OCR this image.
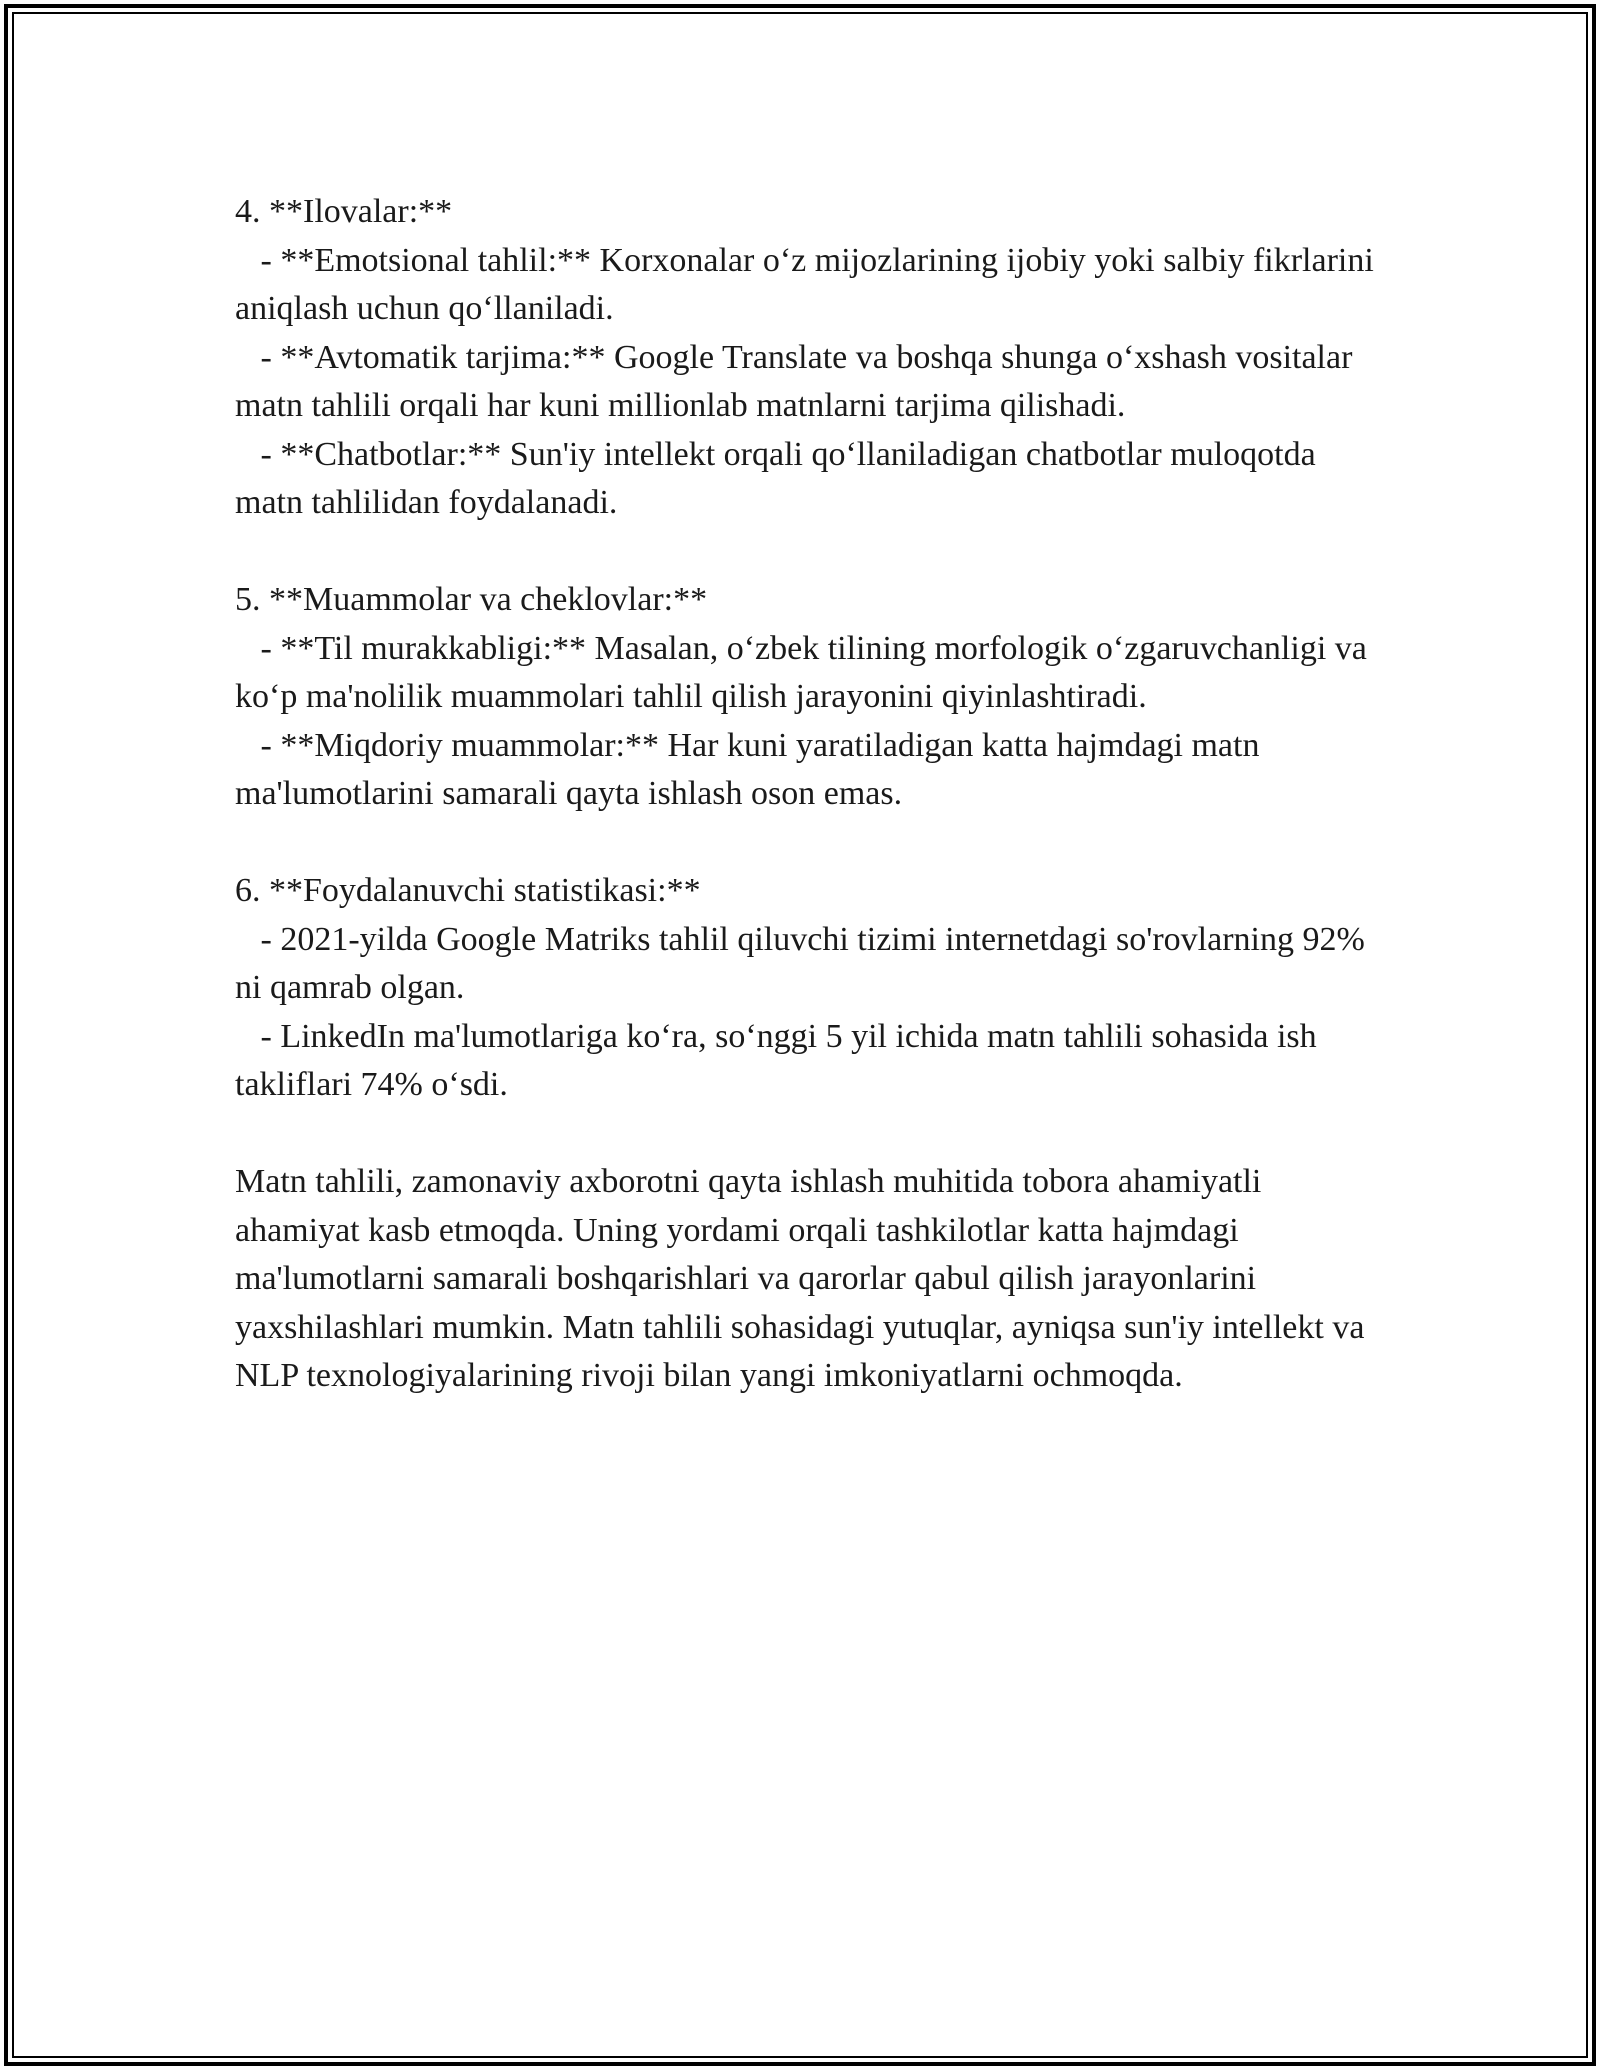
4. **Ilovalar:**

- **Emotsional tahlil:** Korxonalar o‘z mijozlarining ijobiy yoki salbiy fikrlarini aniqlash uchun qo‘llaniladi.

- **Avtomatik tarjima:** Google Translate va boshqa shunga o‘xshash vositalar matn tahlili orqali har kuni millionlab matnlarni tarjima qilishadi.

- **Chatbotlar:** Sun'iy intellekt orqali qo‘llaniladigan chatbotlar muloqotda matn tahlilidan foydalanadi.

5. **Muammolar va cheklovlar:**

- **Til murakkabligi:** Masalan, o‘zbek tilining morfologik o‘zgaruvchanligi va ko‘p ma'nolilik muammolari tahlil qilish jarayonini qiyinlashtiradi.

- **Miqdoriy muammolar:** Har kuni yaratiladigan katta hajmdagi matn ma'lumotlarini samarali qayta ishlash oson emas.

6. **Foydalanuvchi statistikasi:**

- 2021-yilda Google Matriks tahlil qiluvchi tizimi internetdagi so'rovlarning 92% ni qamrab olgan.

- LinkedIn ma'lumotlariga ko‘ra, so‘nggi 5 yil ichida matn tahlili sohasida ish takliflari 74% o‘sdi.

Matn tahlili, zamonaviy axborotni qayta ishlash muhitida tobora ahamiyatli ahamiyat kasb etmoqda. Uning yordami orqali tashkilotlar katta hajmdagi ma'lumotlarni samarali boshqarishlari va qarorlar qabul qilish jarayonlarini yaxshilashlari mumkin. Matn tahlili sohasidagi yutuqlar, ayniqsa sun'iy intellekt va NLP texnologiyalarining rivoji bilan yangi imkoniyatlarni ochmoqda.
